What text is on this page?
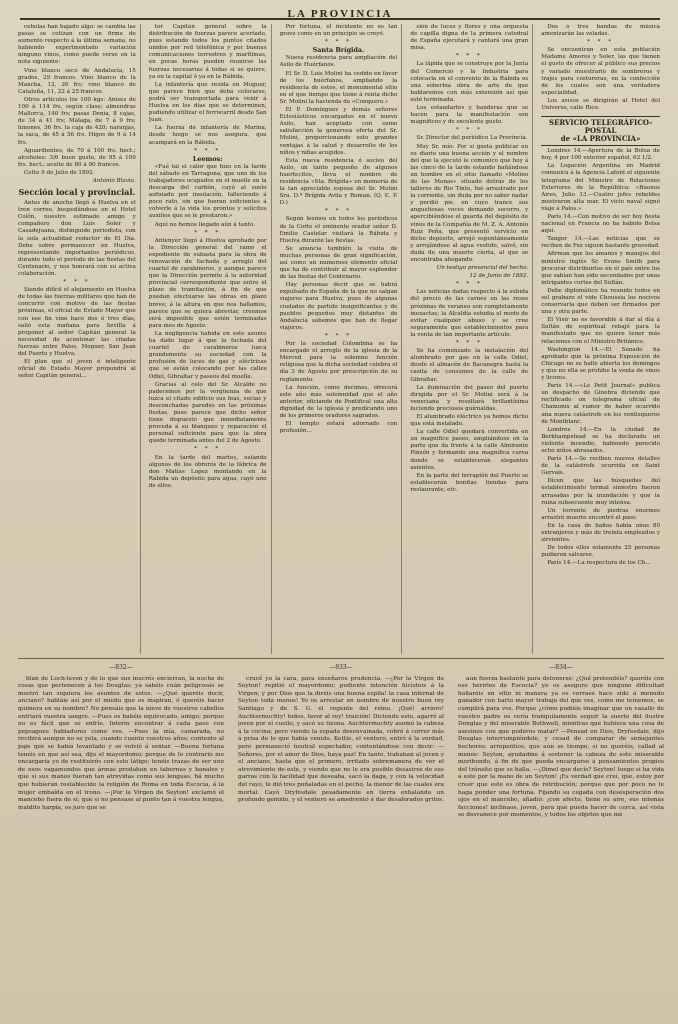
LA PROVINCIA

cebolas han bajado algo: se cambia las pasas se cotizan con un firme de aumento respecto á la última semana, no habiendo experimentado variación ninguno vinos, como puede verse en la nota siguiente:

Vino blanco seco de Andalucía, 15 grados, 29 francos. Vino blanco de la Mancha, 12, 26 frs; vino blanco de Cataluña, 11, 22 á 25 francos.

Otros artículos los 100 kgs: Anises de 100 á 114 frs, según clase; almendras Mallorca, 140 frs; pasas Denia, 8 cajas, de 34 á 41 frs; Málaga, de 7 á 9 frs; limones, 36 frs. la caja de 420; naranjas, la saca, de 45 á 56 frs. Higos de 9 á 14 frs.

Aguardientes, de 70 á 100 frs. hect.; alcoholes: 3/6 buen gusto, de 95 á 100 frs. hect.; aceite de 80 á 90 francos.

Cette 9 de Julio de 1892.

Antonio Blavia.

Sección local y provincial.

Antes de anoche llegó á Huelva en el tren correo, hospedándose en el Hotel Colón, nuestro estimado amigo y compañero don Luis Soler y Casadejuana, distinguido periodista, con la sola actualidad redactor de El Día. Debe sobre permanecer en Huelva, representando importantes periódicos, durante todo el período de las fiestas del Centenario, y nos honrará con su activa colaboración.

* * *

Siendo difícil el alojamiento en Huelva de todas las fuerzas militares que han de concurrir con motivo de las fiestas próximas, el oficial de Estado Mayor que con ese fin vino hace dos ó tres días, salió esta mañana para Sevilla á proponer al señor Capitán general la necesidad de acantonar las citadas fuerzas entre Palos, Moguer, San Juan del Puerto y Huelva.

El plan que el joven é inteligente oficial de Estado Mayor propondrá al señor Capitán general...

tor Capitán general sobre la distribución de fuerzas parece acertado, pues estando todos los puntos citados unidos por red telefónica y por buenas comunicaciones terrestres y marítimas, en pocas horas pueden reunirse las fuerzas necesarias á todas si se quiere, ya en la capital ó ya en la Rábida.

La infantería que resida en Moguer, que parece bien que deba colocarse, podrá ser transportada para venir á Huelva en los días que se determinen, pudiendo utilizar el ferrocarril desde San Juan.

La fuerza de infantería de Marina, desde luego se nos asegura, que acampará en la Rábida.

* * *

Leemos:

«Fué tal el calor que hizo en la tarde del sábado en Tarragona, que uno de los trabajadores ocupados en el muelle en la descarga del carbón, cayó al suelo asfixiado por insolación, falleciendo á poco rato, sin que fueran suficientes á volverle á la vida los prontos y solícitos auxilios que se le prestaron.»

Aquí no hemos llegado aún á tanto.

* * *

Antenyer llegó á Huelva aprobado por la Dirección general del ramo el expediente de subasta para la obra de renovación de fachada y arreglo del cuartel de carabineros, y aunque parece que la Dirección permite á la autoridad provincial correspondiente que entre el plazo de tramitación, á fin de que puedan efectuarse las obras en plazo breve; á la altura en que nos hallamos, parece que se quiera abreviar, creemos será imposible que estén terminadas para mes de Agosto.

La negligencia habida en este asunto ha dado lugar á que la fachada del cuartel de carabineros luzca grandemente su suciedad con la profusión de luces de gas y eléctricas que se están colocando por las calles Odiel, Gibraltar y paseos del muelle.

Gracias al celo del Sr. Alcalde no padecemos por la vergüenza de que luzca el citado edificio sus feas, sucias y desconchadas paredes en las próximas fiestas, pues parece que dicho señor tiene dispuesto que inmediatamente proceda á su blanqueo y reparación el personal suficiente para que la obra quede terminada antes del 2 de Agosto.

* * *

En la tarde del martes, estando algunos de los obreros de la fábrica de don Matías Lopez montando en la Rábida un depósito para agua, cayó uno de ellos.

Por fortuna, el incidente no es tan grave como en un principio se creyó.

* * *

Santa Brígida.

Nueva residencia para ampliación del Asilo de Huérfanos.

El Sr. D. Luis Molini ha cedido en favor de los huérfanos, ampliando la residencia de estos, el monumental sitio en el que tiempo que tiene á renta dicho Sr. Molini la hacienda de «Conquero.»

El P. Domínguez y demás señores Eclesiásticos encargados en el nuevo Asilo, han aceptado con sumo satisfacción la generosa oferta del Sr. Molini, proporcionando esto grandes ventajas á la salud y desarrollo de los niños y niñas acogidos.

Esta nueva residencia ó socieo del Asilo, un tanto pequeño de algunos huertecitos, lleva el nombre de residencia «Sta. Brígida» en memoria de la tan apreciable esposa del Sr. Molini Sra. D.ª Brígida Avila y Roman. (Q. E. P. D.)

* * *

Según leemos en todos los periódicos de la Corte el eminente orador señor D. Emilio Castelar visitará la Rábida y Huelva durante las fiestas.

Se anuncia también la visita de muchas personas de gran significación, así como un numeroso elemento oficial que ha de contribuir al mayor esplendor de las fiestas del Centenario.

Hay personas decir que se habrá expulsado de España de la que no salgan viajeros para Huelva, pues de algunas ciudades de partido insignificantes y de pueblos pequeños muy distantes de Andalucía sabemos que han de llegar viajeros.

* * *

Por la sociedad Colombina se ha encargado el arreglo de la iglesia de la Merced para la solemne función religiosa que la dicha sociedad celebra el día 3 de Agosto por prescripción de su reglamento.

La función, como decimos, ofrecerá este año más solemnidad que el año anterior, oficiando de Pontifical una alta dignidad de la iglesia y predicando uno de los primeros oradores sagrados.

El templo estará adornado con profusión...

sión de luces y flores y una orquesta de capilla digna de la primera catedral de España ejecutará y cantará una gran misa.

* * *

La lápida que se construye por la Junta del Comercio y la Industria para colocarla en el convento de la Rábida es una soberbia obra de arte de que hablaremos con más extensión así que esté terminada.

Los estandartes y banderas que se hacen para la manifestación son magníficos y de excelente gusto.

* * *

Sr. Director del periódico La Provincia.

Muy Sr. mío: Por si gusta publicar en su diario una buena acción y el nombre del que la ejecutó le comunico que hoy á las cinco de la tarde estando bañándose un hombre en el sitio llamado «Molino de las Monas» situado detrás de los talleres de Rio Tinto, fué arrastrado por la corriente, sin duda por no saber nadar y perdió pie, en cuyo trance sus angustiosas voces demandó socorro, y apercibiéndose el guarda del depósito de vinos de la Compañía de M. Z. A. Antonio Ruiz Peña, que presentó servicio en dicho depósito, arrojó espontáneamente y arrojándose al agua vestido, salvó, sin duda de una muerte cierta, al que se encontraba ahogando.

Un testigo presencial del hecho.

12 de Junio de 1892.

* * *

Las noticias dadas respecto á la subida del precio de las carnes en las reses próximas de veraneo son completamente inexactas; la Alcaldía estudia el modo de evitar cualquier abuso y se cree seguramente que establecimientos para la venta de tan importante artículo.

* * *

Se ha comenzado la instalación del alumbrado por gas en la calle Odiel, desde el almacén de Bacanegra hasta la casita de consumos de la calle de Gibraltar.

La iluminación del paseo del puerto dirigida por el Sr. Molini será á la veneciana y resultará brillantísima luciendo preciosos guirnaldas.

El alumbrado eléctrico ya hemos dicho que está instalado.

La calle Odiel quedará convertida en un magnífico paseo, ampliándose en la parte que da frente á la calle Almirante Pinzón y formando una magnífica curva donde se establecerán elegantes asientos.

En la parte del terraplén del Puerto se establecerán bonitas tiendas para restaurante, etc.

Dos ó tres bandas de música amenizarán las veladas.

* * *

Se encuentran en esta población Madame Amoros y Soler, las que tienen el gusto de ofrecer al público sus precios y variado muestrario de sombreros y trajes para costureras, en la confección de los cuales son una verdadera especialidad.

Los avisos se dirigirán al Hotel del Universo, calle Rico.

SERVICIO TELEGRÁFICO-POSTAL
de «LA PROVINCIA»

Londres 14.—Apertura de la Bolsa de hoy, 4 por 100 exterior español, 62 1/2.

La Legación Argentina en Madrid comunica á la Agencia Lafont el siguiente telegrama del Ministro de Relaciones Exteriores de la República: «Buenos Aires, Julio 13.—Cuatro jefes rebeldes mostraron alta mar. El vicio naval signó viaje á Palos.»

París 14.—Con motivo de ser hoy fiesta nacional en Francia no ha habido Bolsa aquí.

Tanger 14.—Las noticias que se reciben de Fez siguen bastante gravedad.

Afirman que los amanos y manejos del ministro inglés Sr. Evans Smith para procurar distribuirlos en el país entre los que sabían han sido secundados por unas intrigantes cortes del Sultán.

Debe diplomático ha reunido todos en sol grabazo el vide Choussia los nocivos conservarla que deben ser firmados por una y otra parte.

El Visir no es favorable á dar al día á Sultán de espiritual rebajó para la manifestado que no quiere tener más relaciones con el Ministro Británico.

Washington 14.—El Senado ha aprobado que la próxima Exposición de Chicago no se halle abierta los domingos y que no ella se prohibe la venta de vinos y licores.

París 14.—«Le Petit Journal» publica un despacho de Ginebra diciendo que rectificado un telegrama oficial de Chamonix al rumor de haber ocurrido una nueva catástrofe en los ventisqueros de Montblanc.

Londres 14.—En la ciudad de Berkhampstead se ha declarado un violento incendio, habiendo perecido ocho niños abrasados.

París 14.—Se reciben nuevos detalles de la catástrofe ocurrida en Saint Gervais.

Dícen que las búsquedas del establecimiento termal siniestro fueron arrasadas por la inundación y que la ruina subsecuente muy intensa.

Un torrente de piedras enormes arrastró muerto encontró el paso.

En la casa de baños había unas 80 extranjeros y más de treinta empleados y sirvientes.

De todos ellos solamente 25 personas pudieron salvarse.

París 14.—La respectura de los Ch...

—832—

blan de Loch-leven y de lo que sus mucrés encierran, la noche de cosas que pertenecen á los Douglas; ya sabéis cuán peligrosas se mostró tan siquiera los asuntos de estos. —¿Qué queréis decir, anciano? habláis así por el miedo que os inspiran, ó queréis hacer quimera en su nombre? No pensáis que la nieve de vuestros cabellos enfriará vuestra sangre. —Pues os habéis equivocado, amigo; porque no es fácil que se enfríe. Interin encontrar á cada paso con pepsagoes habladores como vos. —Pues la mía, camarada, no recibirá aunque no se yela, cuando cuento vuestros años; contento al paje que se había levantado y se volvió á sentar. —Buena fortuna tenéis en que así sea, dijo el mayordomo; porque de lo contrario me encargaría yo de restituirós con este látigo; tenéis trazas de ser uno de esos vagamundos que ármas prodaban en tabernas y banales y que si sus manos fueran tan atrevidas como sus lenguas, há mucho que hubieran restablecido la religión de Roma en toda Escocia, á la mujer embaída en el trono. —¡Por la Virgen de Seyton! exclamó el mancebo fuera de sí; que si no pensase al punto tan á vuestra lengua, maldito harpía, os juro que se

—833—

crucé yo la cara, para enseñaros prudencia. —¡Por la Virgen de Seyton! repitió el mayordomo; pudiente intención hicisteis á la Virgen; y por Dios que la diréis una buena espila! la casa infernal de Seyton toda menos! Yo os arrestar en nombre de nuestro buen rey Santiago y de S. G. el regente del reino. ¡Qué! arriero! Auchtermuchty! todos, favor al rey! traición! Diciendo esto, agarró al joven por el cuello, y sacó su tizona. Auchtermuchty asomó la cabeza á la cocina; pero viendo la espada desenvainada, cobró á correr más á prisa de lo que había venido. Kettle, el ventero, entró á la verdad, pero permaneció neutral espectador, contentándose con decir: —Señores, por el amor de Dios, haya paz! En tanto, trababan al joven y el anciano, hasta que el primero, irritado sobremanera de ver el atrevimiento de este, y viendo que no le era posible desasirse de sus garras con la facilidad que deseaba, sacó la daga, y con la velocidad del rayo, le dió tres puñaladas en el pecho, la menor de las cuales era mortal. Cayó Dryfesdale pesadamente en tierra exhalando un profundo gemido, y el ventero se amedrentó á dar desaforados gritos.

—834—

aun fuerza bastante para detenerse: ¿Qué pretendéis? queréis con ese herirlos de Escocia? yo os aseguro que ninguno difícultad hallaréis en sitio ni manera ya os cerrase hace sido á menudo ganador con harto mayor trabajo del que ves, como me tememos, se cumplirá para vos. Porque ¿cómo pudiéis imaginar que un vasallo de vuestro padre os vería tranquilamente seguir la suerte del ilustre Donglas y del miserable Bothwell, mientras que hubiera una cosa de asesinos con que poderos matar? —Pensad en Dios, Dryfesdale, dijo Douglas interrumpiéndole, y cesad de comparar de semejantes hechores: arrepentíos, que aún se tiempo, si no queréis, callad al menos: Seyton, ayudadme á sostener la cabeza de este miserable moribundo, á fin de que pueda encargarse á pensamientos propios del tránsito que se halla. —¡Dimel que decís? Seyton! luego si ha vida á este por la mano de un Seyton! ¡Es verdad que creí, que, estoy por creer que este es obra de retribución; porque que por poco no le haga ponder una fortuna. Fijando su cegada con desesperación dos ojos en el mancebo, añadió: ¡con afecto, tiene su aire, sus mismas facciones! inclinaos, joven, para que pueda hacer de cerca, así vista se desvanece por momentos, y todos los objetos que me
